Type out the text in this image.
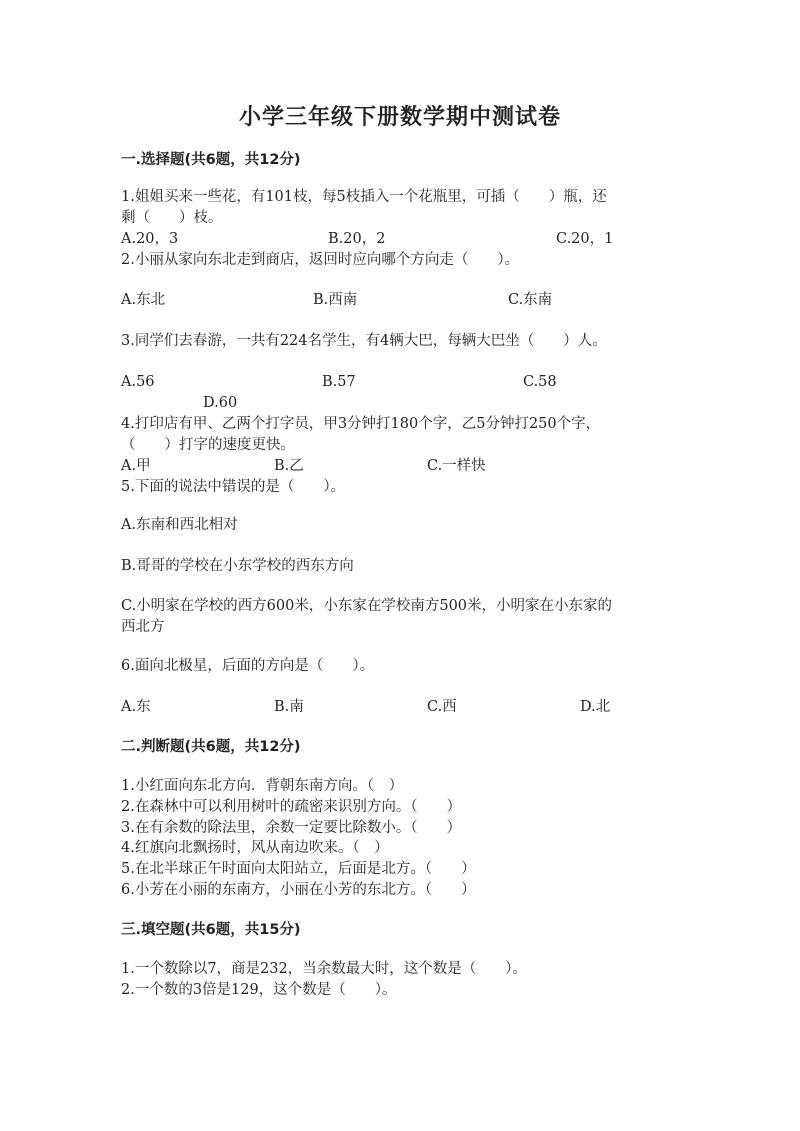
小学三年级下册数学期中测试卷
一.选择题(共6题，共12分)
1.姐姐买来一些花，有101枝，每5枝插入一个花瓶里，可插（　　）瓶，还
剩（　　）枝。
A.20，3	B.20，2	C.20，1
2.小丽从家向东北走到商店，返回时应向哪个方向走（　　）。
A.东北	B.西南	C.东南
3.同学们去春游，一共有224名学生，有4辆大巴，每辆大巴坐（　　）人。
A.56	B.57	C.58
D.60
4.打印店有甲、乙两个打字员，甲3分钟打180个字，乙5分钟打250个字，
（　　）打字的速度更快。
A.甲	B.乙	C.一样快
5.下面的说法中错误的是（　　）。
A.东南和西北相对
B.哥哥的学校在小东学校的西东方向
C.小明家在学校的西方600米，小东家在学校南方500米，小明家在小东家的
西北方
6.面向北极星，后面的方向是（　　）。
A.东	B.南	C.西	D.北
二.判断题(共6题，共12分)
1.小红面向东北方向．背朝东南方向。（　）
2.在森林中可以利用树叶的疏密来识别方向。（　　）
3.在有余数的除法里，余数一定要比除数小。（　　）
4.红旗向北飘扬时，风从南边吹来。（　）
5.在北半球正午时面向太阳站立，后面是北方。（　　）
6.小芳在小丽的东南方，小丽在小芳的东北方。（　　）
三.填空题(共6题，共15分)
1.一个数除以7，商是232，当余数最大时，这个数是（　　）。
2.一个数的3倍是129，这个数是（　　）。
